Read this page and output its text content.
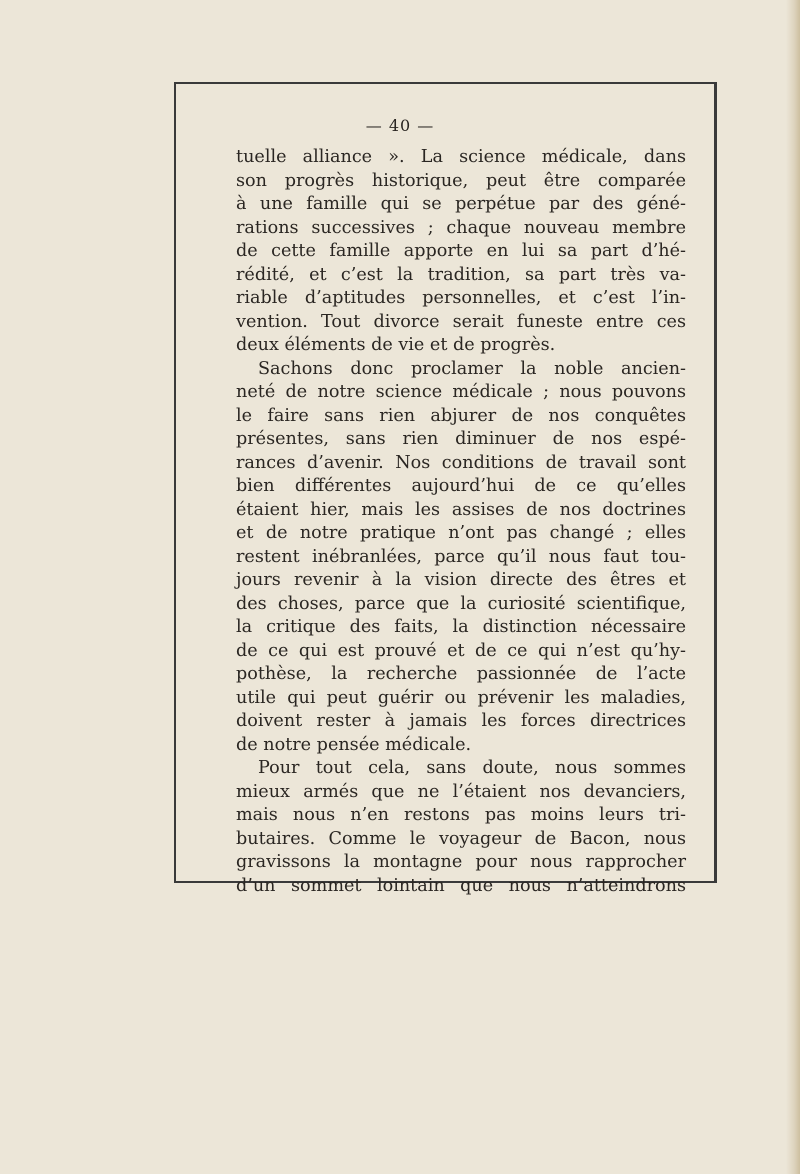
— 40 —
tuelle alliance ». La science médicale, dans
son progrès historique, peut être comparée
à une famille qui se perpétue par des géné-
rations successives ; chaque nouveau membre
de cette famille apporte en lui sa part d’hé-
rédité, et c’est la tradition, sa part très va-
riable d’aptitudes personnelles, et c’est l’in-
vention. Tout divorce serait funeste entre ces
deux éléments de vie et de progrès.
Sachons donc proclamer la noble ancien-
neté de notre science médicale ; nous pouvons
le faire sans rien abjurer de nos conquêtes
présentes, sans rien diminuer de nos espé-
rances d’avenir. Nos conditions de travail sont
bien différentes aujourd’hui de ce qu’elles
étaient hier, mais les assises de nos doctrines
et de notre pratique n’ont pas changé ; elles
restent inébranlées, parce qu’il nous faut tou-
jours revenir à la vision directe des êtres et
des choses, parce que la curiosité scientifique,
la critique des faits, la distinction nécessaire
de ce qui est prouvé et de ce qui n’est qu’hy-
pothèse, la recherche passionnée de l’acte
utile qui peut guérir ou prévenir les maladies,
doivent rester à jamais les forces directrices
de notre pensée médicale.
Pour tout cela, sans doute, nous sommes
mieux armés que ne l’étaient nos devanciers,
mais nous n’en restons pas moins leurs tri-
butaires. Comme le voyageur de Bacon, nous
gravissons la montagne pour nous rapprocher
d’un sommet lointain que nous n’atteindrons
